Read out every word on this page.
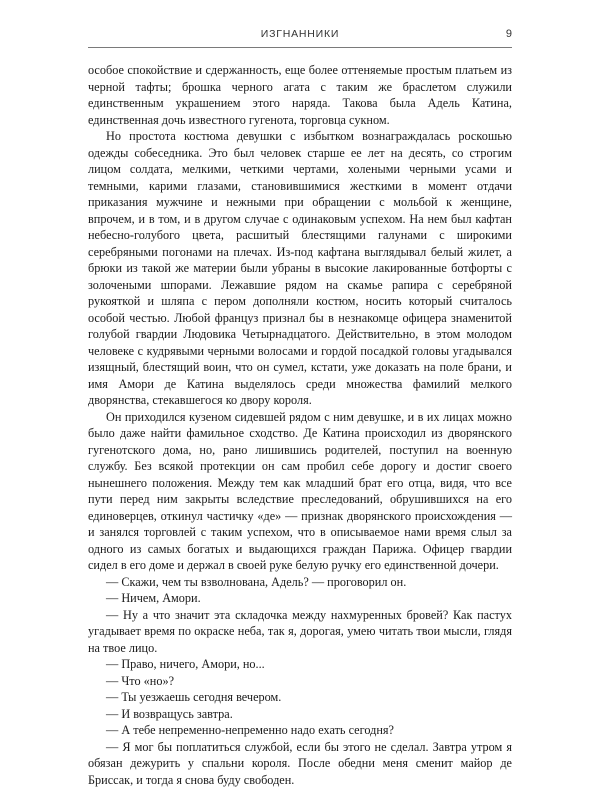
ИЗГНАННИКИ	9

особое спокойствие и сдержанность, еще более оттеняемые простым платьем из черной тафты; брошка черного агата с таким же браслетом служили единственным украшением этого наряда. Такова была Адель Катина, единственная дочь известного гугенота, торговца сукном.

Но простота костюма девушки с избытком вознаграждалась роскошью одежды собеседника. Это был человек старше ее лет на десять, со строгим лицом солдата, мелкими, четкими чертами, холеными черными усами и темными, карими глазами, становившимися жесткими в момент отдачи приказания мужчине и нежными при обращении с мольбой к женщине, впрочем, и в том, и в другом случае с одинаковым успехом. На нем был кафтан небесно-голубого цвета, расшитый блестящими галунами с широкими серебряными погонами на плечах. Из-под кафтана выглядывал белый жилет, а брюки из такой же материи были убраны в высокие лакированные ботфорты с золочеными шпорами. Лежавшие рядом на скамье рапира с серебряной рукояткой и шляпа с пером дополняли костюм, носить который считалось особой честью. Любой француз признал бы в незнакомце офицера знаменитой голубой гвардии Людовика Четырнадцатого. Действительно, в этом молодом человеке с кудрявыми черными волосами и гордой посадкой головы угадывался изящный, блестящий воин, что он сумел, кстати, уже доказать на поле брани, и имя Амори де Катина выделялось среди множества фамилий мелкого дворянства, стекавшегося ко двору короля.

Он приходился кузеном сидевшей рядом с ним девушке, и в их лицах можно было даже найти фамильное сходство. Де Катина происходил из дворянского гугенотского дома, но, рано лишившись родителей, поступил на военную службу. Без всякой протекции он сам пробил себе дорогу и достиг своего нынешнего положения. Между тем как младший брат его отца, видя, что все пути перед ним закрыты вследствие преследований, обрушившихся на его единоверцев, откинул частичку «де» — признак дворянского происхождения — и занялся торговлей с таким успехом, что в описываемое нами время слыл за одного из самых богатых и выдающихся граждан Парижа. Офицер гвардии сидел в его доме и держал в своей руке белую ручку его единственной дочери.

— Скажи, чем ты взволнована, Адель? — проговорил он.

— Ничем, Амори.

— Ну а что значит эта складочка между нахмуренных бровей? Как пастух угадывает время по окраске неба, так я, дорогая, умею читать твои мысли, глядя на твое лицо.

— Право, ничего, Амори, но...

— Что «но»?

— Ты уезжаешь сегодня вечером.

— И возвращусь завтра.

— А тебе непременно-непременно надо ехать сегодня?

— Я мог бы поплатиться службой, если бы этого не сделал. Завтра утром я обязан дежурить у спальни короля. После обедни меня сменит майор де Бриссак, и тогда я снова буду свободен.
